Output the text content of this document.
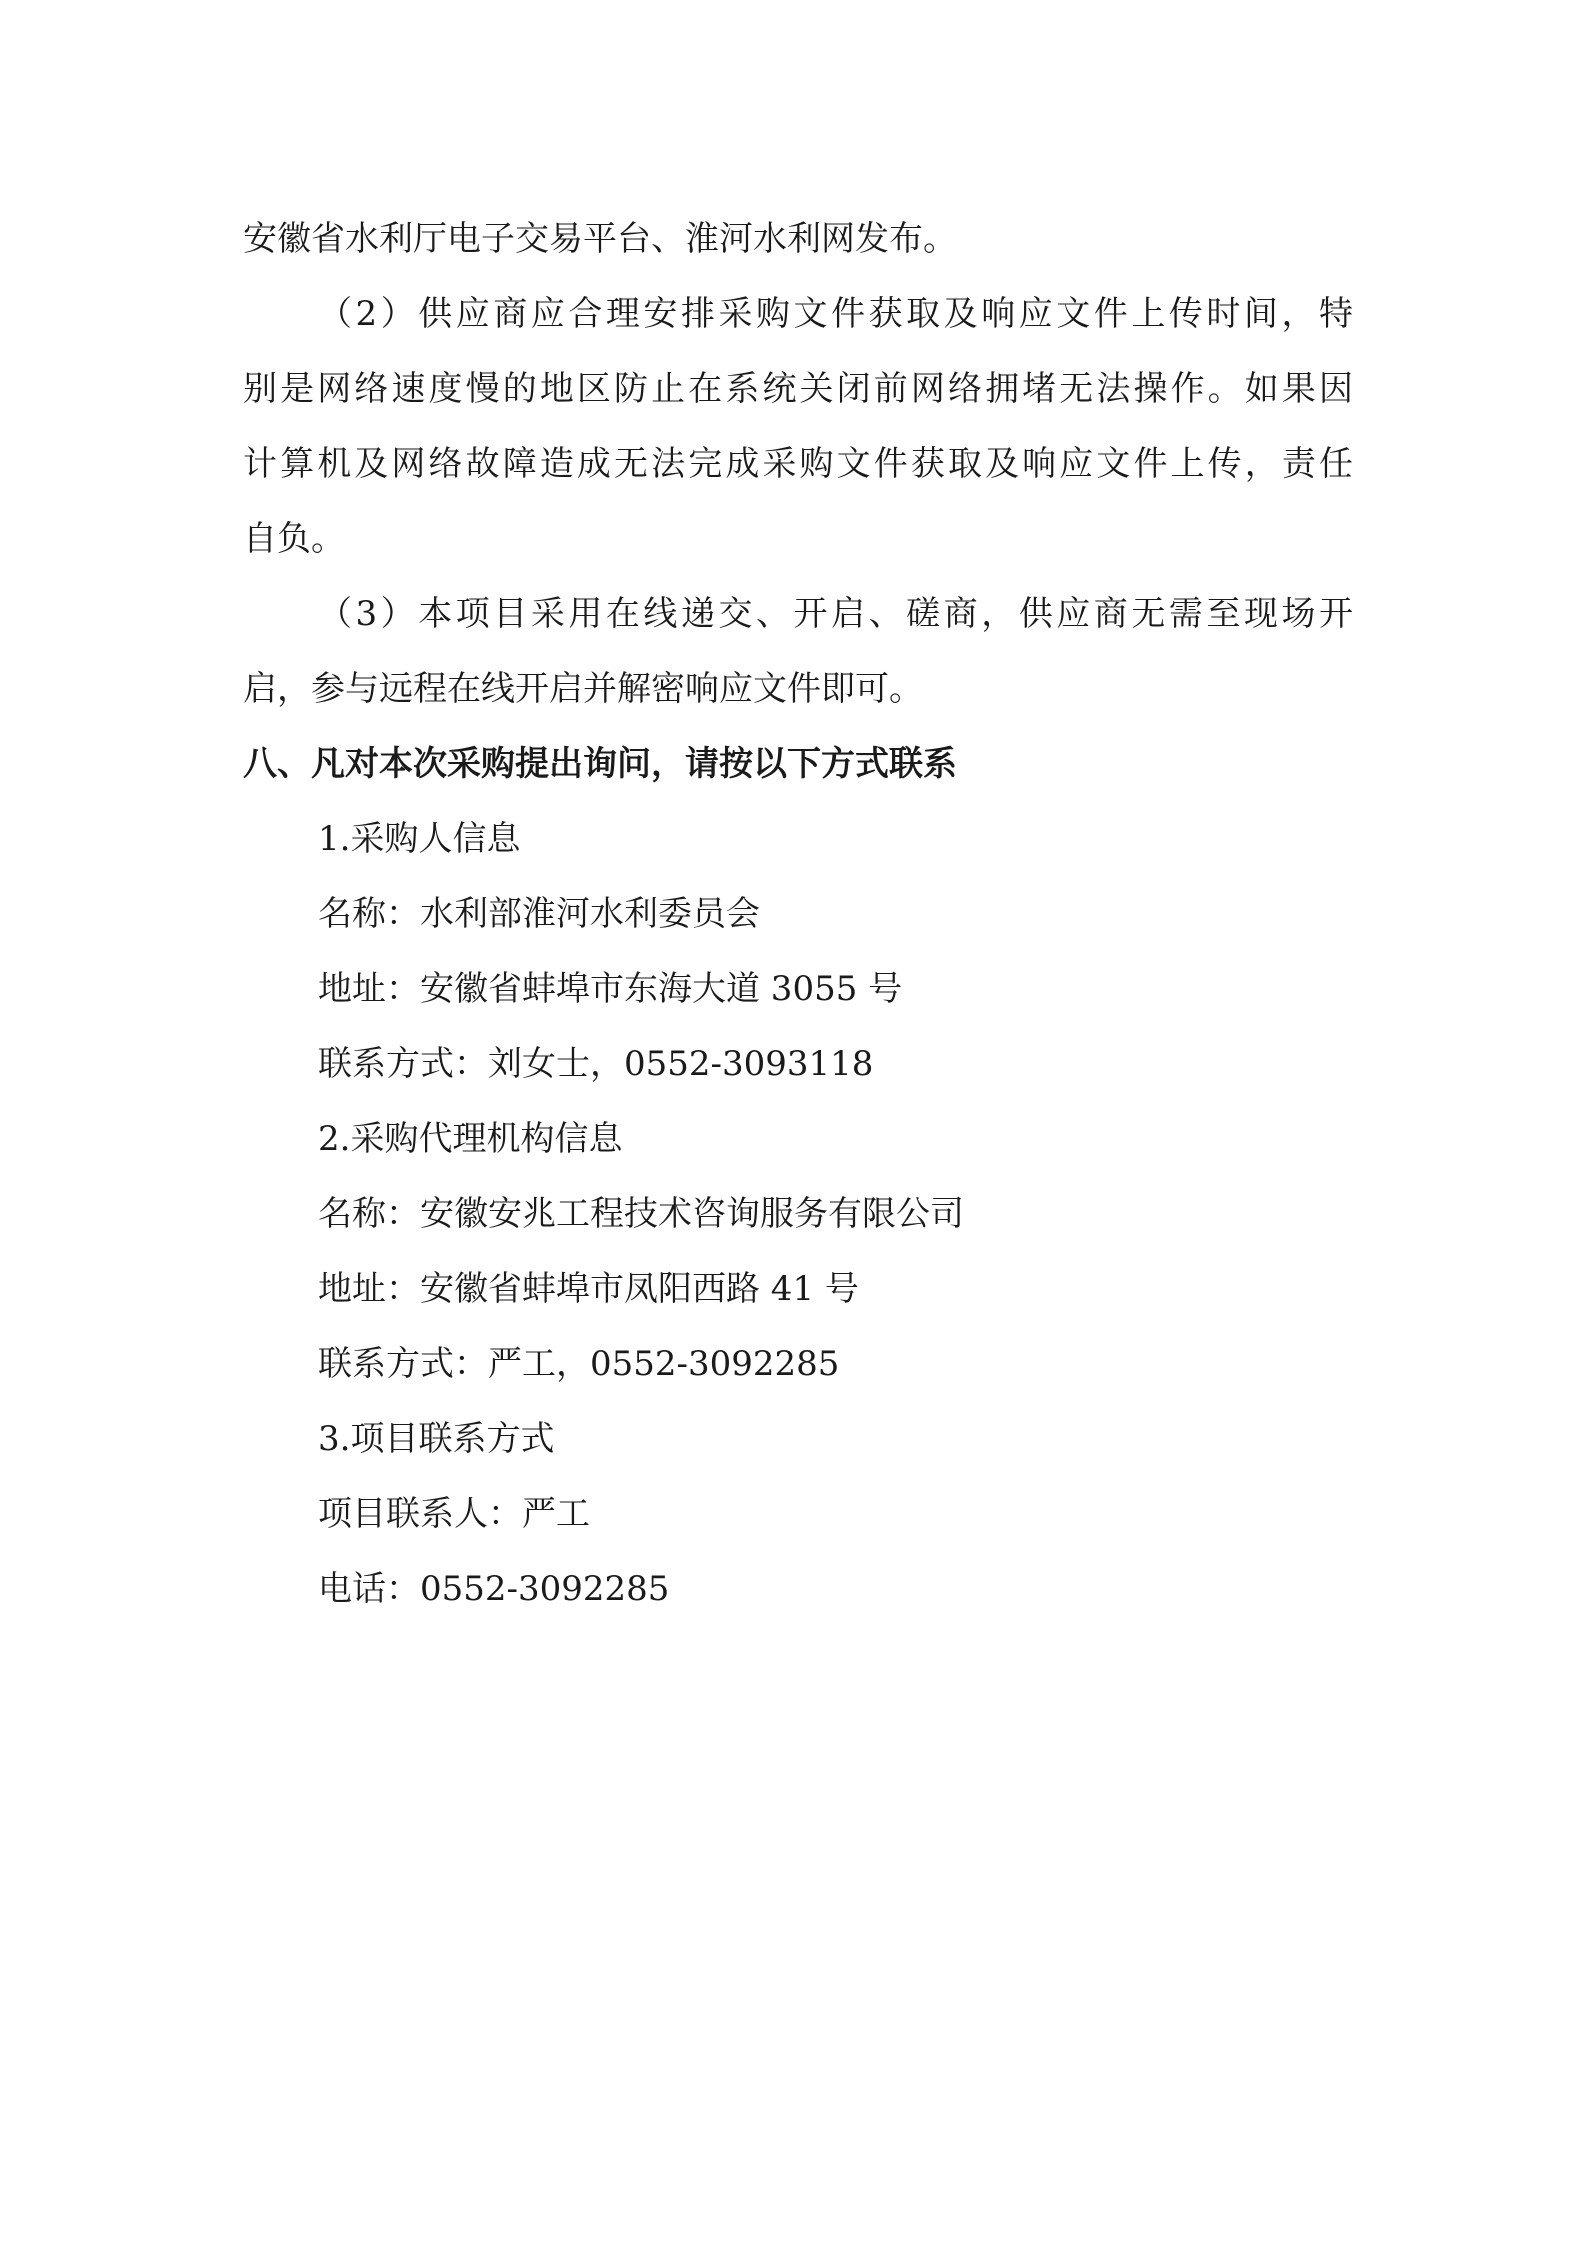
安徽省水利厅电子交易平台、淮河水利网发布。
（2）供应商应合理安排采购文件获取及响应文件上传时间，特
别是网络速度慢的地区防止在系统关闭前网络拥堵无法操作。如果因
计算机及网络故障造成无法完成采购文件获取及响应文件上传，责任
自负。
（3）本项目采用在线递交、开启、磋商，供应商无需至现场开
启，参与远程在线开启并解密响应文件即可。
八、凡对本次采购提出询问，请按以下方式联系
1.采购人信息
名称：水利部淮河水利委员会
地址：安徽省蚌埠市东海大道 3055 号
联系方式：刘女士，0552-3093118
2.采购代理机构信息
名称：安徽安兆工程技术咨询服务有限公司
地址：安徽省蚌埠市凤阳西路 41 号
联系方式：严工，0552-3092285
3.项目联系方式
项目联系人：严工
电话：0552-3092285
